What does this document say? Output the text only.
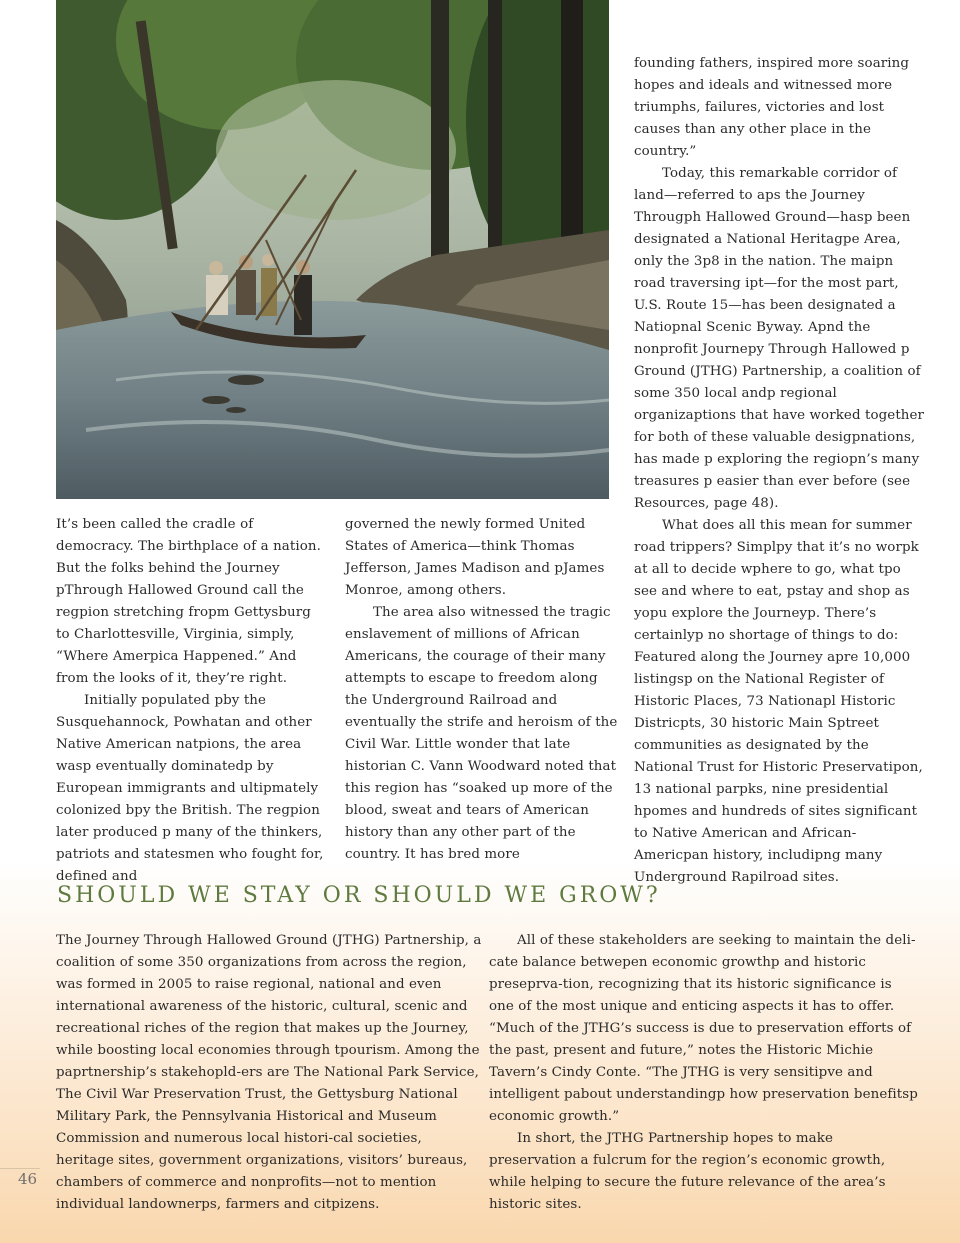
It’s been called the cradle of democracy. The birthplace of a nation. But the folks behind the Journey pThrough Hallowed Ground call the regpion stretching fropm Gettysburg to Charlottesville, Virginia, simply, “Where Amerpica Happened.” And from the looks of it, they’re right.

Initially populated pby the Susquehannock, Powhatan and other Native American natpions, the area wasp eventually dominatedp by European immigrants and ultipmately colonized bpy the British. The regpion later produced p many of the thinkers, patriots and statesmen who fought for, defined and

governed the newly formed United States of America—think Thomas Jefferson, James Madison and pJames Monroe, among others.

The area also witnessed the tragic enslavement of millions of African Americans, the courage of their many attempts to escape to freedom along the Underground Railroad and eventually the strife and heroism of the Civil War. Little wonder that late historian C. Vann Woodward noted that this region has “soaked up more of the blood, sweat and tears of American history than any other part of the country. It has bred more

founding fathers, inspired more soaring hopes and ideals and witnessed more triumphs, failures, victories and lost causes than any other place in the country.”

Today, this remarkable corridor of land—referred to aps the Journey Througph Hallowed Ground—hasp been designated a National Heritagpe Area, only the 3p8 in the nation. The maipn road traversing ipt—for the most part, U.S. Route 15—has been designated a Natiopnal Scenic Byway. Apnd the nonprofit Journepy Through Hallowed p Ground (JTHG) Partnership, a coalition of some 350 local andp regional organizaptions that have worked together for both of these valuable desigpnations, has made p exploring the regiopn’s many treasures p easier than ever before (see Resources, page 48).

What does all this mean for summer road trippers? Simplpy that it’s no worpk at all to decide wphere to go, what tpo see and where to eat, pstay and shop as yopu explore the Journeyp. There’s certainlyp no shortage of things to do: Featured along the Journey apre 10,000 listingsp on the National Register of Historic Places, 73 Nationapl Historic Districpts, 30 historic Main Sptreet communities as designated by the National Trust for Historic Preservatipon, 13 national parpks, nine presidential hpomes and hundreds of sites significant to Native American and African-Americpan history, includipng many Underground Rapilroad sites.

SHOULD WE STAY OR SHOULD WE GROW?

The Journey Through Hallowed Ground (JTHG) Partnership, a coalition of some 350 organizations from across the region, was formed in 2005 to raise regional, national and even international awareness of the historic, cultural, scenic and recreational riches of the region that makes up the Journey, while boosting local economies through tpourism. Among the paprtnership’s stakehopld-ers are The National Park Service, The Civil War Preservation Trust, the Gettysburg National Military Park, the Pennsylvania Historical and Museum Commission and numerous local histori-cal societies, heritage sites, government organizations, visitors’ bureaus, chambers of commerce and nonprofits—not to mention individual landownerps, farmers and citpizens.

All of these stakeholders are seeking to maintain the deli-cate balance betwepen economic growthp and historic preseprva-tion, recognizing that its historic significance is one of the most unique and enticing aspects it has to offer. “Much of the JTHG’s success is due to preservation efforts of the past, present and future,” notes the Historic Michie Tavern’s Cindy Conte. “The JTHG is very sensitipve and intelligent pabout understandingp how preservation benefitsp economic growth.”

In short, the JTHG Partnership hopes to make preservation a fulcrum for the region’s economic growth, while helping to secure the future relevance of the area’s historic sites.

46
